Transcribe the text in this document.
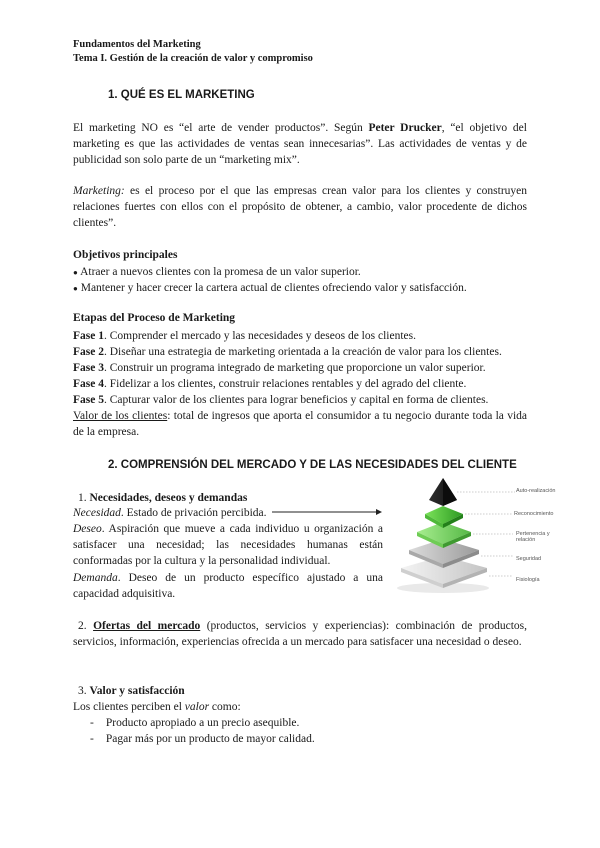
Fundamentos del Marketing
Tema I. Gestión de la creación de valor y compromiso
1. QUÉ ES EL MARKETING
El marketing NO es “el arte de vender productos”. Según Peter Drucker, “el objetivo del marketing es que las actividades de ventas sean innecesarias”. Las actividades de ventas y de publicidad son solo parte de un “marketing mix”.
Marketing: es el proceso por el que las empresas crean valor para los clientes y construyen relaciones fuertes con ellos con el propósito de obtener, a cambio, valor procedente de dichos clientes”.
Objetivos principales
● Atraer a nuevos clientes con la promesa de un valor superior.
● Mantener y hacer crecer la cartera actual de clientes ofreciendo valor y satisfacción.
Etapas del Proceso de Marketing
Fase 1. Comprender el mercado y las necesidades y deseos de los clientes.
Fase 2. Diseñar una estrategia de marketing orientada a la creación de valor para los clientes.
Fase 3. Construir un programa integrado de marketing que proporcione un valor superior.
Fase 4. Fidelizar a los clientes, construir relaciones rentables y del agrado del cliente.
Fase 5. Capturar valor de los clientes para lograr beneficios y capital en forma de clientes.
Valor de los clientes: total de ingresos que aporta el consumidor a tu negocio durante toda la vida de la empresa.
2. COMPRENSIÓN DEL MERCADO Y DE LAS NECESIDADES DEL CLIENTE
1. Necesidades, deseos y demandas
Necesidad. Estado de privación percibida.
Deseo. Aspiración que mueve a cada individuo u organización a satisfacer una necesidad; las necesidades humanas están conformadas por la cultura y la personalidad individual.
Demanda. Deseo de un producto específico ajustado a una capacidad adquisitiva.
Auto-realización
Reconocimiento
Pertenencia y relación
Seguridad
Fisiología
2. Ofertas del mercado (productos, servicios y experiencias): combinación de productos, servicios, información, experiencias ofrecida a un mercado para satisfacer una necesidad o deseo.
3. Valor y satisfacción
Los clientes perciben el valor como:
- Producto apropiado a un precio asequible.
- Pagar más por un producto de mayor calidad.
